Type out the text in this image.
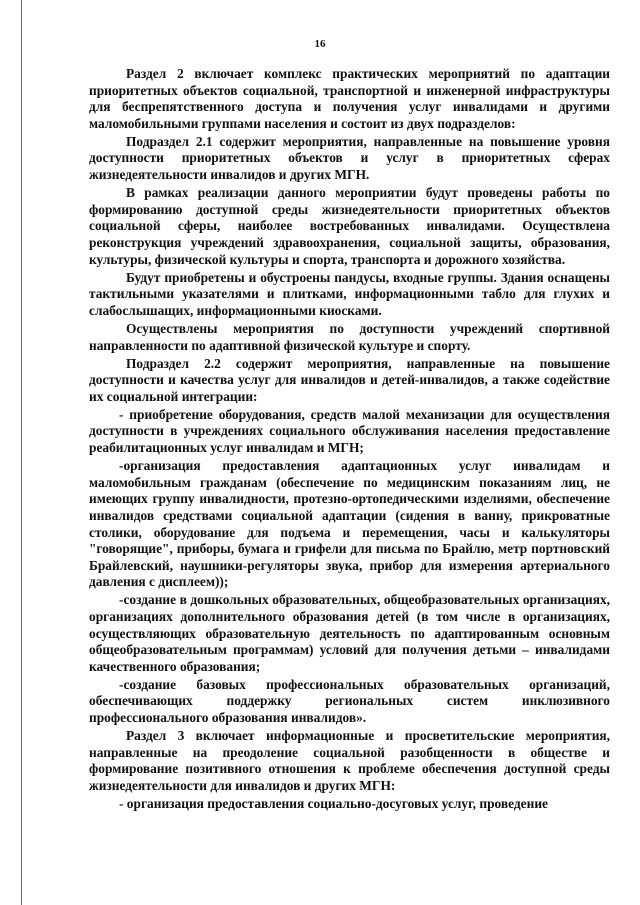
16

Раздел 2 включает комплекс практических мероприятий по адаптации приоритетных объектов социальной, транспортной и инженерной инфраструктуры для беспрепятственного доступа и получения услуг инвалидами и другими маломобильными группами населения и состоит из двух подразделов:

Подраздел 2.1 содержит мероприятия, направленные на повышение уровня доступности приоритетных объектов и услуг в приоритетных сферах жизнедеятельности инвалидов и других МГН.

В рамках реализации данного мероприятии будут проведены работы по формированию доступной среды жизнедеятельности приоритетных объектов социальной сферы, наиболее востребованных инвалидами. Осуществлена реконструкция учреждений здравоохранения, социальной защиты, образования, культуры, физической культуры и спорта, транспорта и дорожного хозяйства.

Будут приобретены и обустроены пандусы, входные группы. Здания оснащены тактильными указателями и плитками, информационными табло для глухих и слабослышащих, информационными киосками.

Осуществлены мероприятия по доступности учреждений спортивной направленности по адаптивной физической культуре и спорту.

Подраздел 2.2 содержит мероприятия, направленные на повышение доступности и качества услуг для инвалидов и детей-инвалидов, а также содействие их социальной интеграции:

- приобретение оборудования, средств малой механизации для осуществления доступности в учреждениях социального обслуживания населения предоставление реабилитационных услуг инвалидам и МГН;

-организация предоставления адаптационных услуг инвалидам и маломобильным гражданам (обеспечение по медицинским показаниям лиц, не имеющих группу инвалидности, протезно-ортопедическими изделиями, обеспечение инвалидов средствами социальной адаптации (сидения в ванну, прикроватные столики, оборудование для подъема и перемещения, часы и калькуляторы "говорящие", приборы, бумага и грифели для письма по Брайлю, метр портновский Брайлевский, наушники-регуляторы звука, прибор для измерения артериального давления с дисплеем));

-создание в дошкольных образовательных, общеобразовательных организациях, организациях дополнительного образования детей (в том числе в организациях, осуществляющих образовательную деятельность по адаптированным основным общеобразовательным программам) условий для получения детьми – инвалидами качественного образования;

-создание базовых профессиональных образовательных организаций, обеспечивающих поддержку региональных систем инклюзивного профессионального образования инвалидов».

Раздел 3 включает информационные и просветительские мероприятия, направленные на преодоление социальной разобщенности в обществе и формирование позитивного отношения к проблеме обеспечения доступной среды жизнедеятельности для инвалидов и других МГН:

- организация предоставления социально-досуговых услуг, проведение
